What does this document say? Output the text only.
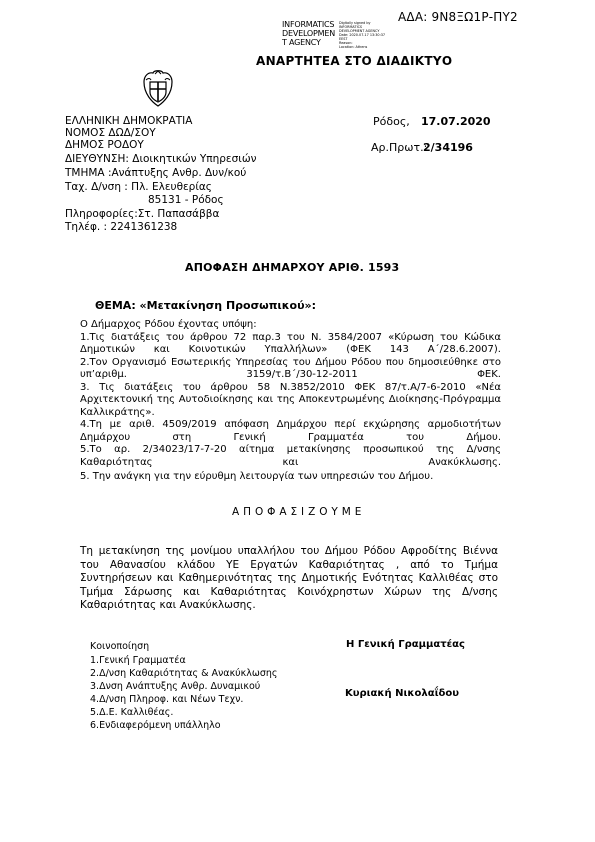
ΑΔΑ: 9Ν8ΞΩ1Ρ-ΠΥ2
INFORMATICS
DEVELOPMEN
T AGENCY
Digitally signed by
INFORMATICS
DEVELOPMENT AGENCY
Date: 2020.07.17 13:30:37
EEST
Reason:
Location: Athens
ΑΝΑΡΤΗΤΕΑ ΣΤΟ ΔΙΑΔΙΚΤΥΟ
ΕΛΛΗΝΙΚΗ ΔΗΜΟΚΡΑΤΙΑ
ΝΟΜΟΣ ΔΩΔ/ΣΟΥ
ΔΗΜΟΣ ΡΟΔΟΥ
ΔΙΕΥΘΥΝΣΗ: Διοικητικών Υπηρεσιών
ΤΜΗΜΑ :Ανάπτυξης Ανθρ. Δυν/κού
Ταχ. Δ/νση : Πλ. Ελευθερίας
85131 - Ρόδος
Πληροφορίες:Στ. Παπασάββα
Τηλέφ. : 2241361238
Ρόδος, 17.07.2020
Αρ.Πρωτ.:
2/34196
ΑΠΟΦΑΣΗ ΔΗΜΑΡΧΟΥ ΑΡΙΘ. 1593
ΘΕΜΑ: «Μετακίνηση Προσωπικού»:
Ο Δήμαρχος Ρόδου έχοντας υπόψη:
1.Τις διατάξεις του άρθρου 72 παρ.3 του Ν. 3584/2007 «Κύρωση του Κώδικα Δημοτικών και Κοινοτικών Υπαλλήλων» (ΦΕΚ 143 Α΄/28.6.2007).
2.Τον Οργανισμό Εσωτερικής Υπηρεσίας του Δήμου Ρόδου που δημοσιεύθηκε στο υπ’αριθμ. 3159/τ.Β΄/30-12-2011 ΦΕΚ.
3. Τις διατάξεις του άρθρου 58 Ν.3852/2010 ΦΕΚ 87/τ.Α/7-6-2010 «Νέα Αρχιτεκτονική της Αυτοδιοίκησης και της Αποκεντρωμένης Διοίκησης-Πρόγραμμα Καλλικράτης».
4.Τη με αριθ. 4509/2019 απόφαση Δημάρχου περί εκχώρησης αρμοδιοτήτων Δημάρχου στη Γενική Γραμματέα του Δήμου.
5.Το αρ. 2/34023/17-7-20 αίτημα μετακίνησης προσωπικού της Δ/νσης Καθαριότητας και Ανακύκλωσης.
5. Την ανάγκη για την εύρυθμη λειτουργία των υπηρεσιών του Δήμου.
Α Π Ο Φ Α Σ Ι Ζ Ο Υ Μ Ε
Τη μετακίνηση της μονίμου υπαλλήλου του Δήμου Ρόδου Αφροδίτης Βιέννα του Αθανασίου κλάδου ΥΕ Εργατών Καθαριότητας , από το Τμήμα Συντηρήσεων και Καθημερινότητας της Δημοτικής Ενότητας Καλλιθέας στο Τμήμα Σάρωσης και Καθαριότητας Κοινόχρηστων Χώρων της Δ/νσης Καθαριότητας και Ανακύκλωσης.
Κοινοποίηση
1.Γενική Γραμματέα
2.Δ/νση Καθαριότητας & Ανακύκλωσης
3.Δνση Ανάπτυξης Ανθρ. Δυναμικού
4.Δ/νση Πληροφ. και Νέων Τεχν.
5.Δ.Ε. Καλλιθέας.
6.Ενδιαφερόμενη υπάλληλο
Η Γενική Γραμματέας
Κυριακή Νικολαΐδου
